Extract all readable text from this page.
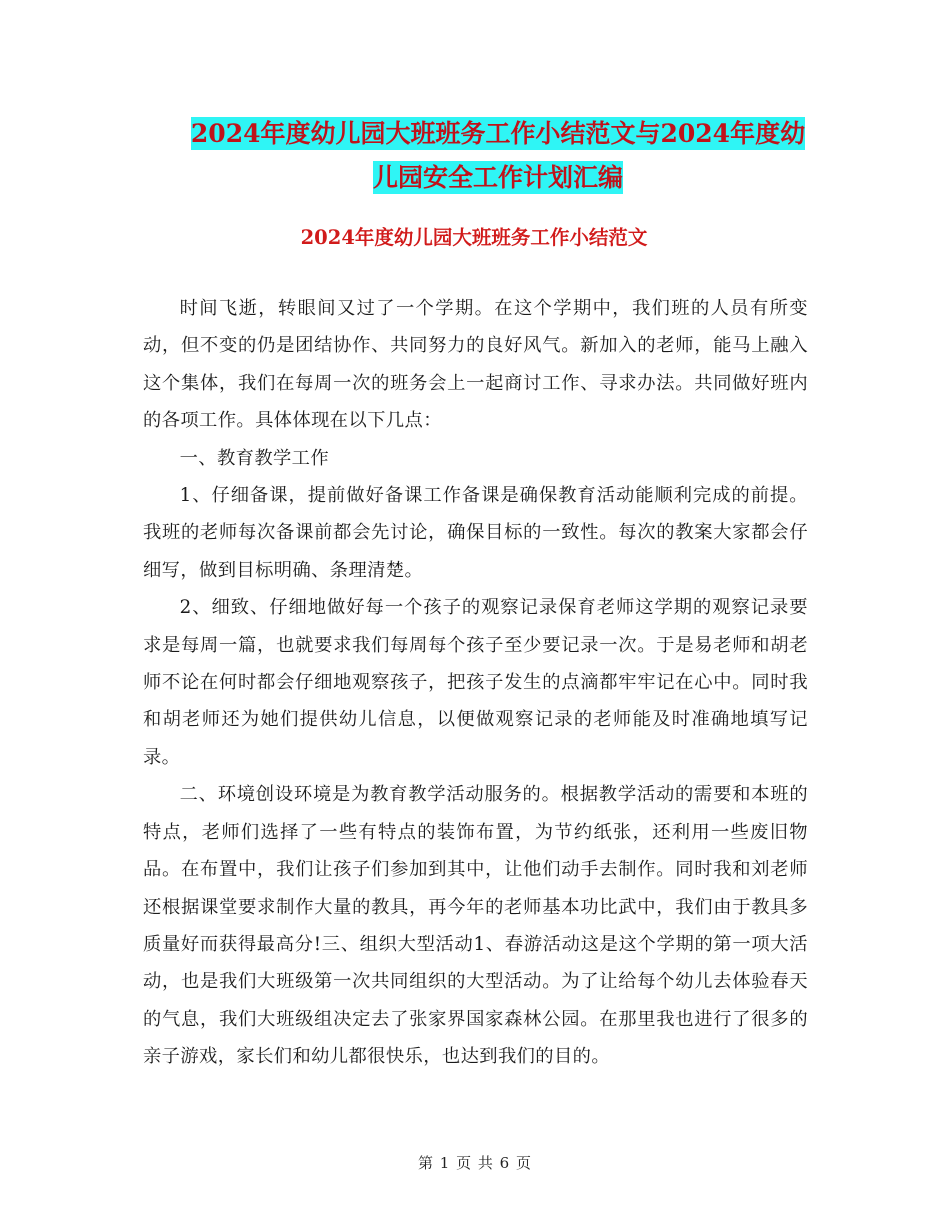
2024年度幼儿园大班班务工作小结范文与2024年度幼
儿园安全工作计划汇编
2024年度幼儿园大班班务工作小结范文

时间飞逝，转眼间又过了一个学期。在这个学期中，我们班的人员有所变动，但不变的仍是团结协作、共同努力的良好风气。新加入的老师，能马上融入这个集体，我们在每周一次的班务会上一起商讨工作、寻求办法。共同做好班内的各项工作。具体体现在以下几点：

一、教育教学工作

1、仔细备课，提前做好备课工作备课是确保教育活动能顺利完成的前提。我班的老师每次备课前都会先讨论，确保目标的一致性。每次的教案大家都会仔细写，做到目标明确、条理清楚。

2、细致、仔细地做好每一个孩子的观察记录保育老师这学期的观察记录要求是每周一篇，也就要求我们每周每个孩子至少要记录一次。于是易老师和胡老师不论在何时都会仔细地观察孩子，把孩子发生的点滴都牢牢记在心中。同时我和胡老师还为她们提供幼儿信息，以便做观察记录的老师能及时准确地填写记录。

二、环境创设环境是为教育教学活动服务的。根据教学活动的需要和本班的特点，老师们选择了一些有特点的装饰布置，为节约纸张，还利用一些废旧物品。在布置中，我们让孩子们参加到其中，让他们动手去制作。同时我和刘老师还根据课堂要求制作大量的教具，再今年的老师基本功比武中，我们由于教具多质量好而获得最高分!三、组织大型活动1、春游活动这是这个学期的第一项大活动，也是我们大班级第一次共同组织的大型活动。为了让给每个幼儿去体验春天的气息，我们大班级组决定去了张家界国家森林公园。在那里我也进行了很多的亲子游戏，家长们和幼儿都很快乐，也达到我们的目的。

第 1 页 共 6 页
